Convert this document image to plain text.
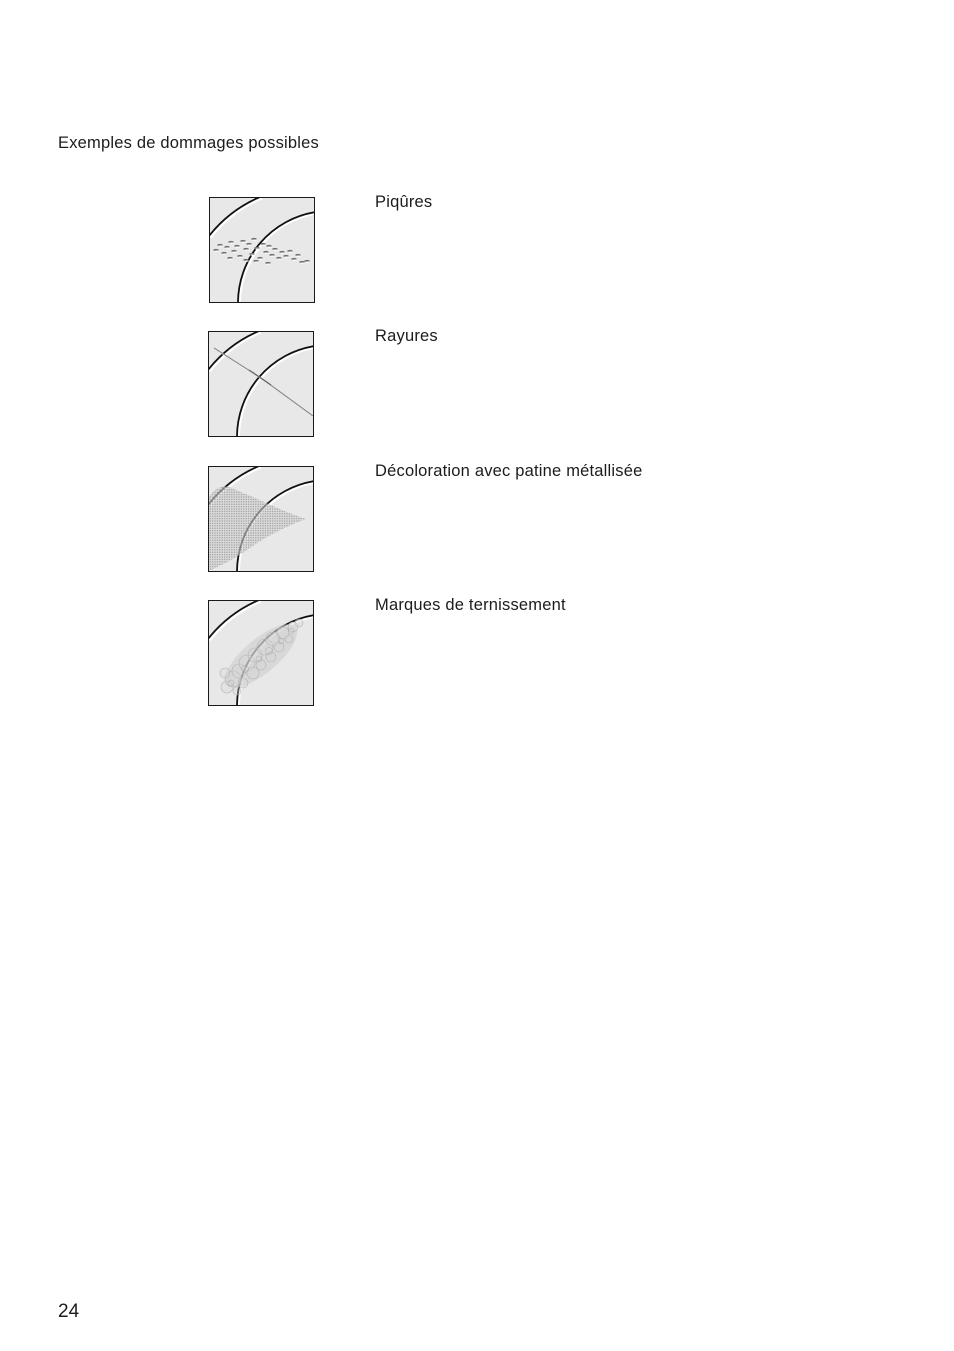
Exemples de dommages possibles

Piqûres

Rayures

Décoloration avec patine métallisée

Marques de ternissement

24
